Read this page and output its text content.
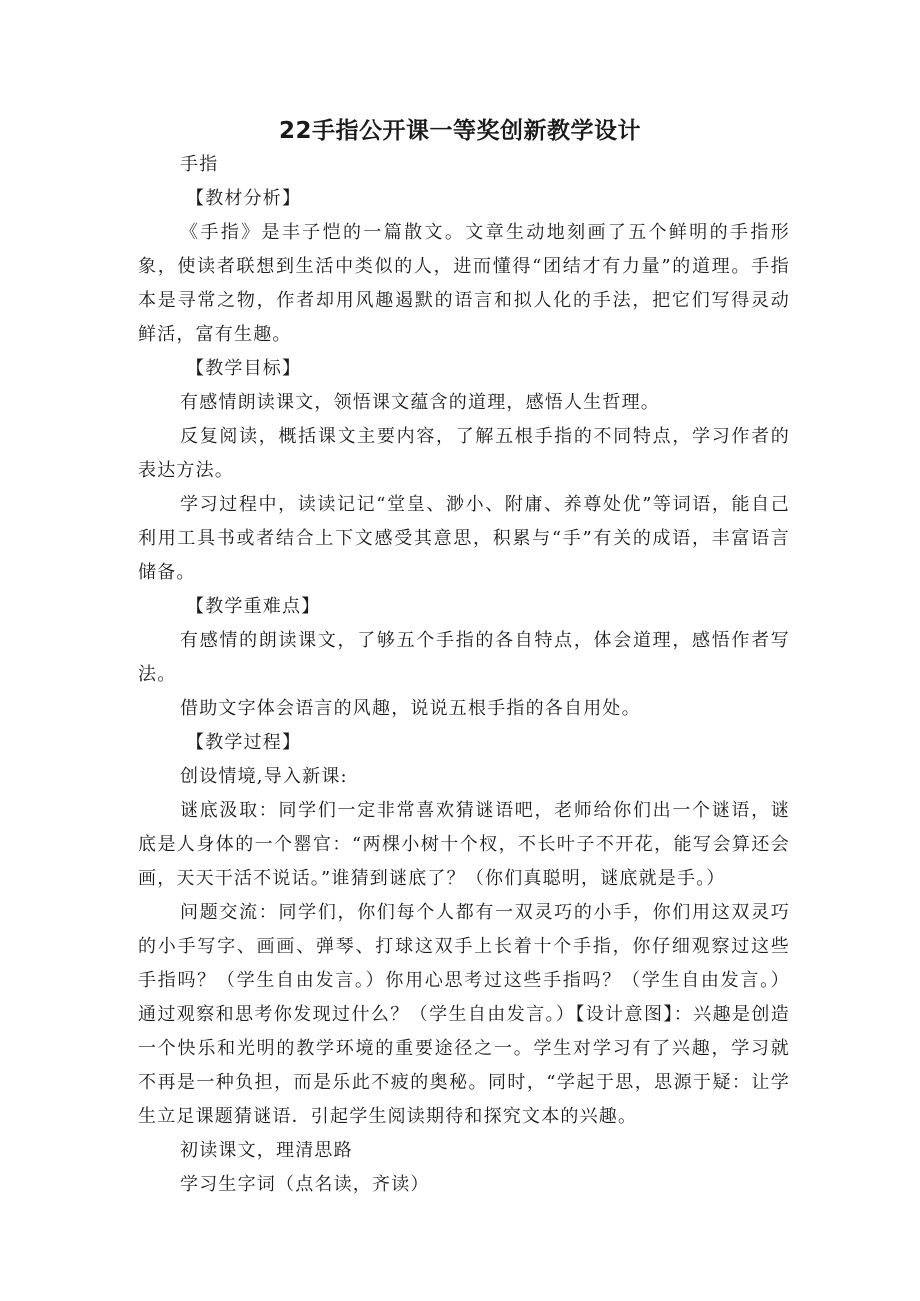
22手指公开课一等奖创新教学设计

手指

【教材分析】

《手指》是丰子恺的一篇散文。文章生动地刻画了五个鲜明的手指形象，使读者联想到生活中类似的人，进而懂得“团结才有力量”的道理。手指本是寻常之物，作者却用风趣遏默的语言和拟人化的手法，把它们写得灵动鲜活，富有生趣。

【教学目标】

有感情朗读课文，领悟课文蕴含的道理，感悟人生哲理。

反复阅读，概括课文主要内容，了解五根手指的不同特点，学习作者的表达方法。

学习过程中，读读记记“堂皇、渺小、附庸、养尊处优”等词语，能自己利用工具书或者结合上下文感受其意思，积累与“手”有关的成语，丰富语言储备。

【教学重难点】

有感情的朗读课文，了够五个手指的各自特点，体会道理，感悟作者写法。

借助文字体会语言的风趣，说说五根手指的各自用处。

【教学过程】

创设情境,导入新课:

谜底汲取：同学们一定非常喜欢猜谜语吧，老师给你们出一个谜语，谜底是人身体的一个罂官：“两棵小树十个杈，不长叶子不开花，能写会算还会画，天天干活不说话。”谁猜到谜底了？（你们真聪明，谜底就是手。）

问题交流：同学们，你们每个人都有一双灵巧的小手，你们用这双灵巧的小手写字、画画、弹琴、打球这双手上长着十个手指，你仔细观察过这些手指吗？（学生自由发言。）你用心思考过这些手指吗？（学生自由发言。）通过观察和思考你发现过什么？（学生自由发言。）【设计意图】：兴趣是创造一个快乐和光明的教学环境的重要途径之一。学生对学习有了兴趣，学习就不再是一种负担，而是乐此不疲的奥秘。同时，“学起于思，思源于疑：让学生立足课题猜谜语．引起学生阅读期待和探究文本的兴趣。

初读课文，理清思路

学习生字词（点名读，齐读）
